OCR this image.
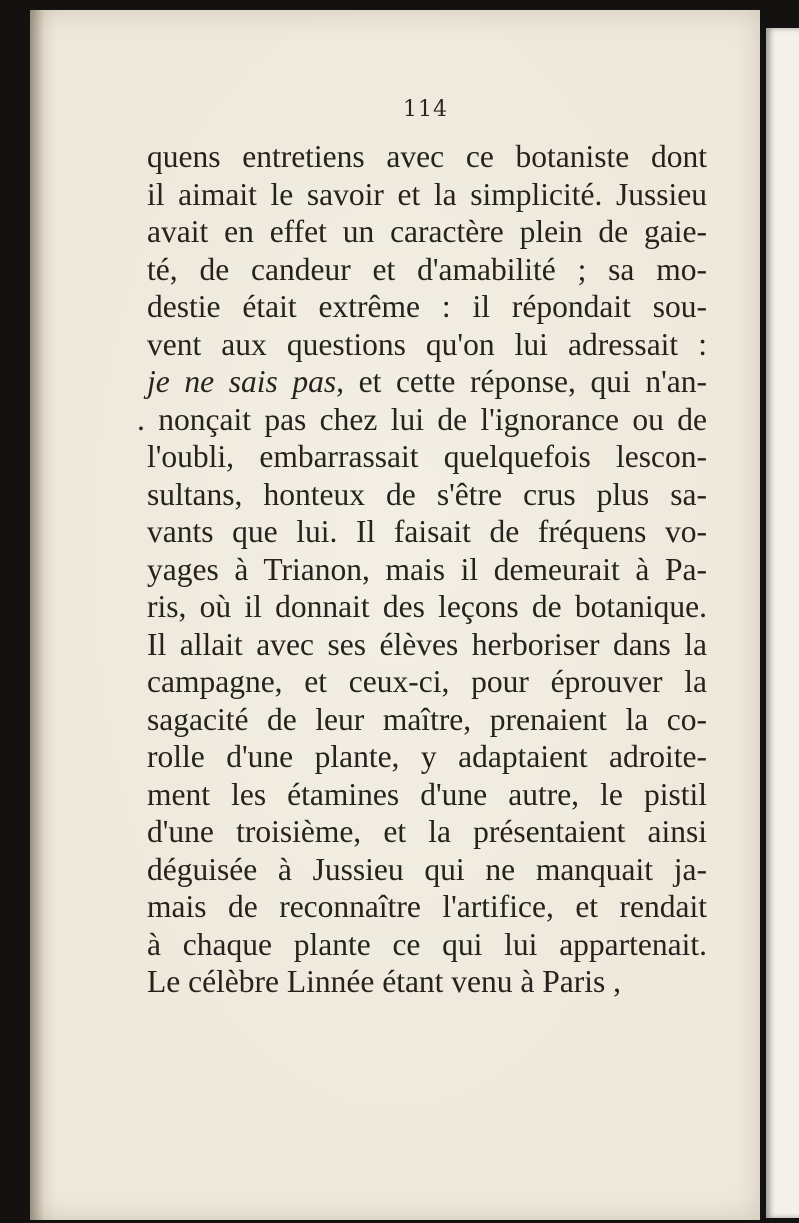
114
quens entretiens avec ce botaniste dont
il aimait le savoir et la simplicité. Jussieu
avait en effet un caractère plein de gaie-
té, de candeur et d'amabilité ; sa mo-
destie était extrême : il répondait sou-
vent aux questions qu'on lui adressait :
je ne sais pas, et cette réponse, qui n'an-
. nonçait pas chez lui de l'ignorance ou de
l'oubli, embarrassait quelquefois lescon-
sultans, honteux de s'être crus plus sa-
vants que lui. Il faisait de fréquens vo-
yages à Trianon, mais il demeurait à Pa-
ris, où il donnait des leçons de botanique.
Il allait avec ses élèves herboriser dans la
campagne, et ceux-ci, pour éprouver la
sagacité de leur maître, prenaient la co-
rolle d'une plante, y adaptaient adroite-
ment les étamines d'une autre, le pistil
d'une troisième, et la présentaient ainsi
déguisée à Jussieu qui ne manquait ja-
mais de reconnaître l'artifice, et rendait
à chaque plante ce qui lui appartenait.
Le célèbre Linnée étant venu à Paris ,
